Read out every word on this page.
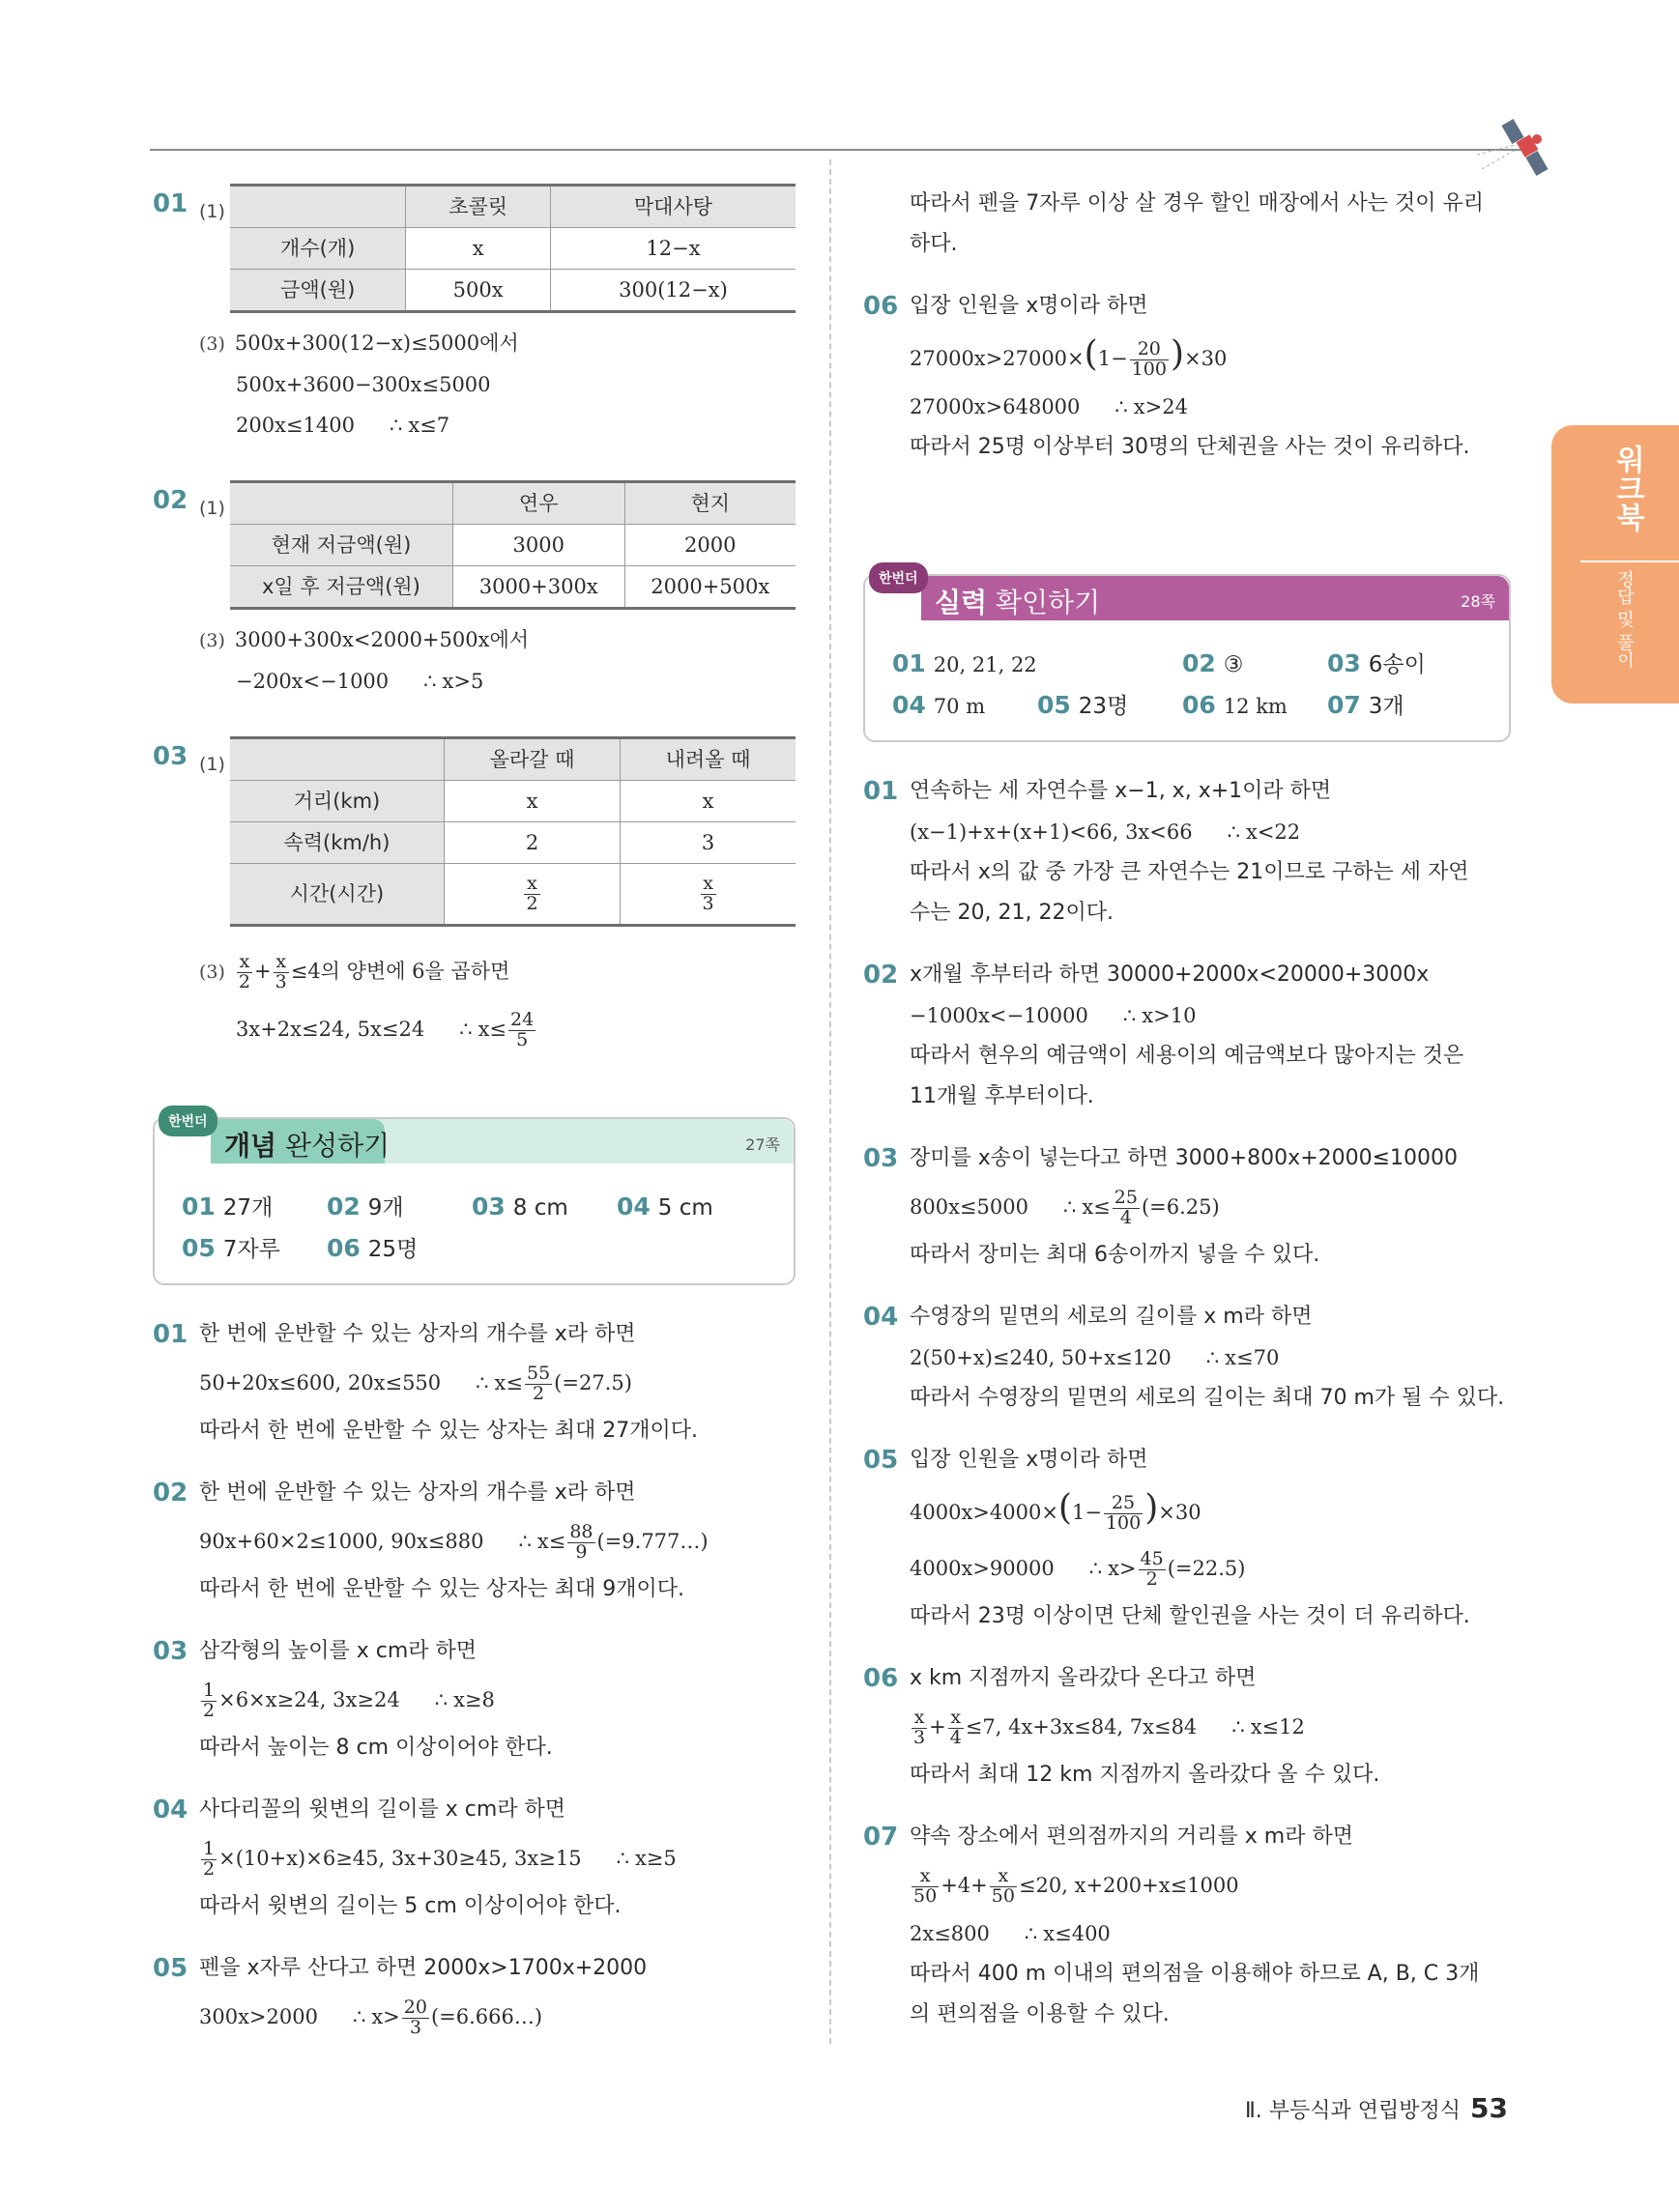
워크북
정답 및 풀이
01 (1)
		초콜릿	막대사탕
개수(개)	x	12−x
금액(원)	500x	300(12−x)
(3) 500x+300(12−x)≤5000에서
500x+3600−300x≤5000
200x≤1400 ∴ x≤7
02 (1)
		연우	현지
현재 저금액(원)	3000	2000
x일 후 저금액(원)	3000+300x	2000+500x
(3) 3000+300x<2000+500x에서
−200x<−1000 ∴ x>5
03 (1)
		올라갈 때	내려올 때
거리(km)	x	x
속력(km/h)	2	3
시간(시간)	$\frac{x}{2}$	$\frac{x}{3}$
$(3) \frac{x}{2} + \frac{x}{3} \le 4$의 양변에 6을 곱하면
3x+2x≤24, 5x≤24 ∴ $x\le \frac{24}{5}$
한번더
개념 완성하기	27쪽
01 27개	02 9개	03 8 cm	04 5 cm
05 7자루	06 25명
01 한 번에 운반할 수 있는 상자의 개수를 x라 하면
50+20x≤600, 20x≤550 ∴ $x\le \frac{55}{2} (=27.5)$
따라서 한 번에 운반할 수 있는 상자는 최대 27개이다.
02 한 번에 운반할 수 있는 상자의 개수를 x라 하면
90x+60×2≤1000, 90x≤880 ∴ $x\le \frac{88}{9}$ (=9.777…)
따라서 한 번에 운반할 수 있는 상자는 최대 9개이다.
03 삼각형의 높이를 x cm라 하면
$\frac{1}{2} \times 6\times x\ge 24$, 3x≥24 ∴ x≥8
따라서 높이는 8 cm 이상이어야 한다.
04 사다리꼴의 윗변의 길이를 x cm라 하면
$\frac{1}{2} \times(10+x)\times 6\ge 45$, 3x+30≥45, 3x≥15 ∴ x≥5
따라서 윗변의 길이는 5 cm 이상이어야 한다.
05 펜을 x자루 산다고 하면 2000x>1700x+2000
300x>2000 ∴ $x> \frac{20}{3}$ (=6.666…)
따라서 펜을 7자루 이상 살 경우 할인 매장에서 사는 것이 유리
하다.
06 입장 인원을 x명이라 하면
$27000x>27000\times(1- \frac{20}{100} )\times 30$
27000x>648000 ∴ x>24
따라서 25명 이상부터 30명의 단체권을 사는 것이 유리하다.
한번더
실력 확인하기	28쪽
01 20, 21, 22	02 ③	03 6송이
04 70 m	05 23명	06 12 km	07 3개
01 연속하는 세 자연수를 x−1, x, x+1이라 하면
(x−1)+x+(x+1)<66, 3x<66 ∴ x<22
따라서 x의 값 중 가장 큰 자연수는 21이므로 구하는 세 자연
수는 20, 21, 22이다.
02 x개월 후부터라 하면 30000+2000x<20000+3000x
−1000x<−10000 ∴ x>10
따라서 현우의 예금액이 세용이의 예금액보다 많아지는 것은
11개월 후부터이다.
03 장미를 x송이 넣는다고 하면 3000+800x+2000≤10000
800x≤5000 ∴ $x\le \frac{25}{4} (=6.25)$
따라서 장미는 최대 6송이까지 넣을 수 있다.
04 수영장의 밑면의 세로의 길이를 x m라 하면
2(50+x)≤240, 50+x≤120 ∴ x≤70
따라서 수영장의 밑면의 세로의 길이는 최대 70 m가 될 수 있다.
05 입장 인원을 x명이라 하면
$4000x>4000\times(1- \frac{25}{100} )\times 30$
4000x>90000 ∴ $x> \frac{45}{2} (=22.5)$
따라서 23명 이상이면 단체 할인권을 사는 것이 더 유리하다.
06 x km 지점까지 올라갔다 온다고 하면
$\frac{x}{3} + \frac{x}{4} \le 7$, 4x+3x≤84, 7x≤84 ∴ x≤12
따라서 최대 12 km 지점까지 올라갔다 올 수 있다.
07 약속 장소에서 편의점까지의 거리를 x m라 하면
$\frac{x}{50} +4+ \frac{x}{50} \le 20$, x+200+x≤1000
2x≤800 ∴ x≤400
따라서 400 m 이내의 편의점을 이용해야 하므로 A, B, C 3개
의 편의점을 이용할 수 있다.
Ⅱ. 부등식과 연립방정식 53
